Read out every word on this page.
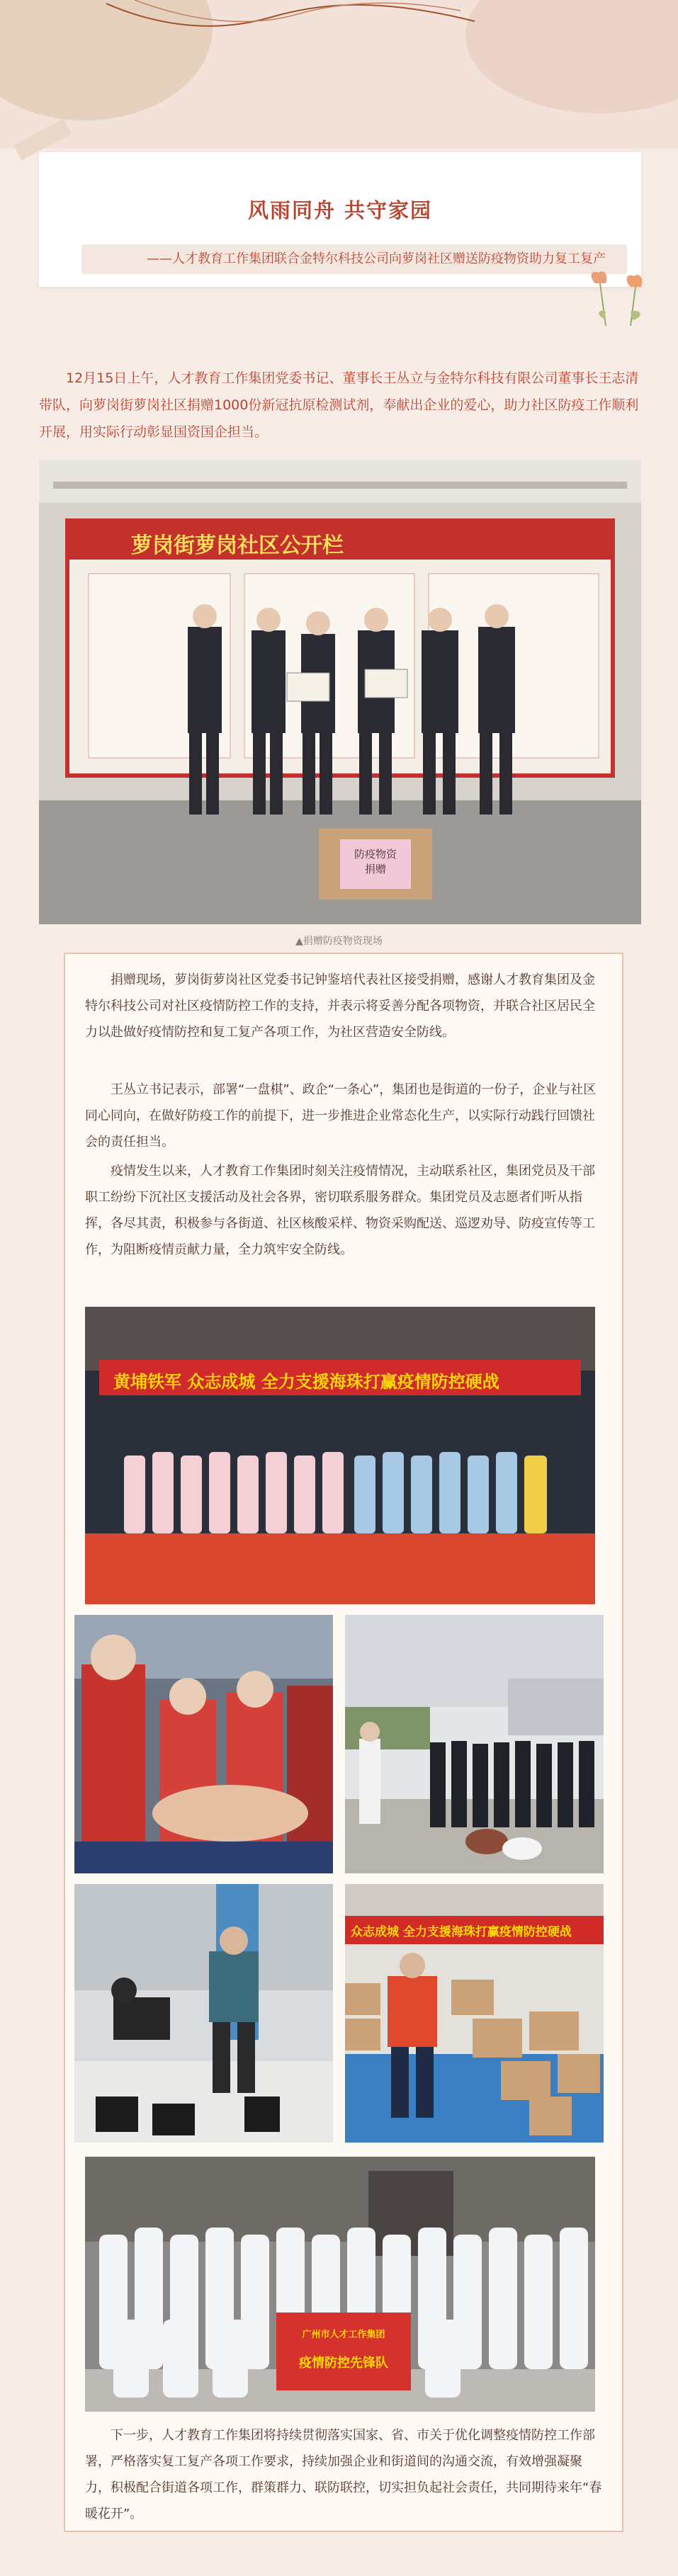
风雨同舟 共守家园
——人才教育工作集团联合金特尔科技公司向萝岗社区赠送防疫物资助力复工复产
12月15日上午，人才教育工作集团党委书记、董事长王丛立与金特尔科技有限公司董事长王志清带队，向萝岗街萝岗社区捐赠1000份新冠抗原检测试剂，奉献出企业的爱心，助力社区防疫工作顺利开展，用实际行动彰显国资国企担当。
萝岗街萝岗社区公开栏
防疫物资
捐赠
▲捐赠防疫物资现场
捐赠现场，萝岗街萝岗社区党委书记钟鉴培代表社区接受捐赠，感谢人才教育集团及金特尔科技公司对社区疫情防控工作的支持，并表示将妥善分配各项物资，并联合社区居民全力以赴做好疫情防控和复工复产各项工作，为社区营造安全防线。
王丛立书记表示，部署“一盘棋”、政企“一条心”，集团也是街道的一份子，企业与社区同心同向，在做好防疫工作的前提下，进一步推进企业常态化生产，以实际行动践行回馈社会的责任担当。
疫情发生以来，人才教育工作集团时刻关注疫情情况，主动联系社区，集团党员及干部职工纷纷下沉社区支援活动及社会各界，密切联系服务群众。集团党员及志愿者们听从指挥，各尽其责，积极参与各街道、社区核酸采样、物资采购配送、巡逻劝导、防疫宣传等工作，为阻断疫情贡献力量，全力筑牢安全防线。
黄埔铁军 众志成城 全力支援海珠打赢疫情防控硬战
众志成城 全力支援海珠打赢疫情防控硬战
广州市人才工作集团
疫情防控先锋队
下一步，人才教育工作集团将持续贯彻落实国家、省、市关于优化调整疫情防控工作部署，严格落实复工复产各项工作要求，持续加强企业和街道间的沟通交流，有效增强凝聚力，积极配合街道各项工作，群策群力、联防联控，切实担负起社会责任，共同期待来年“春暖花开”。
